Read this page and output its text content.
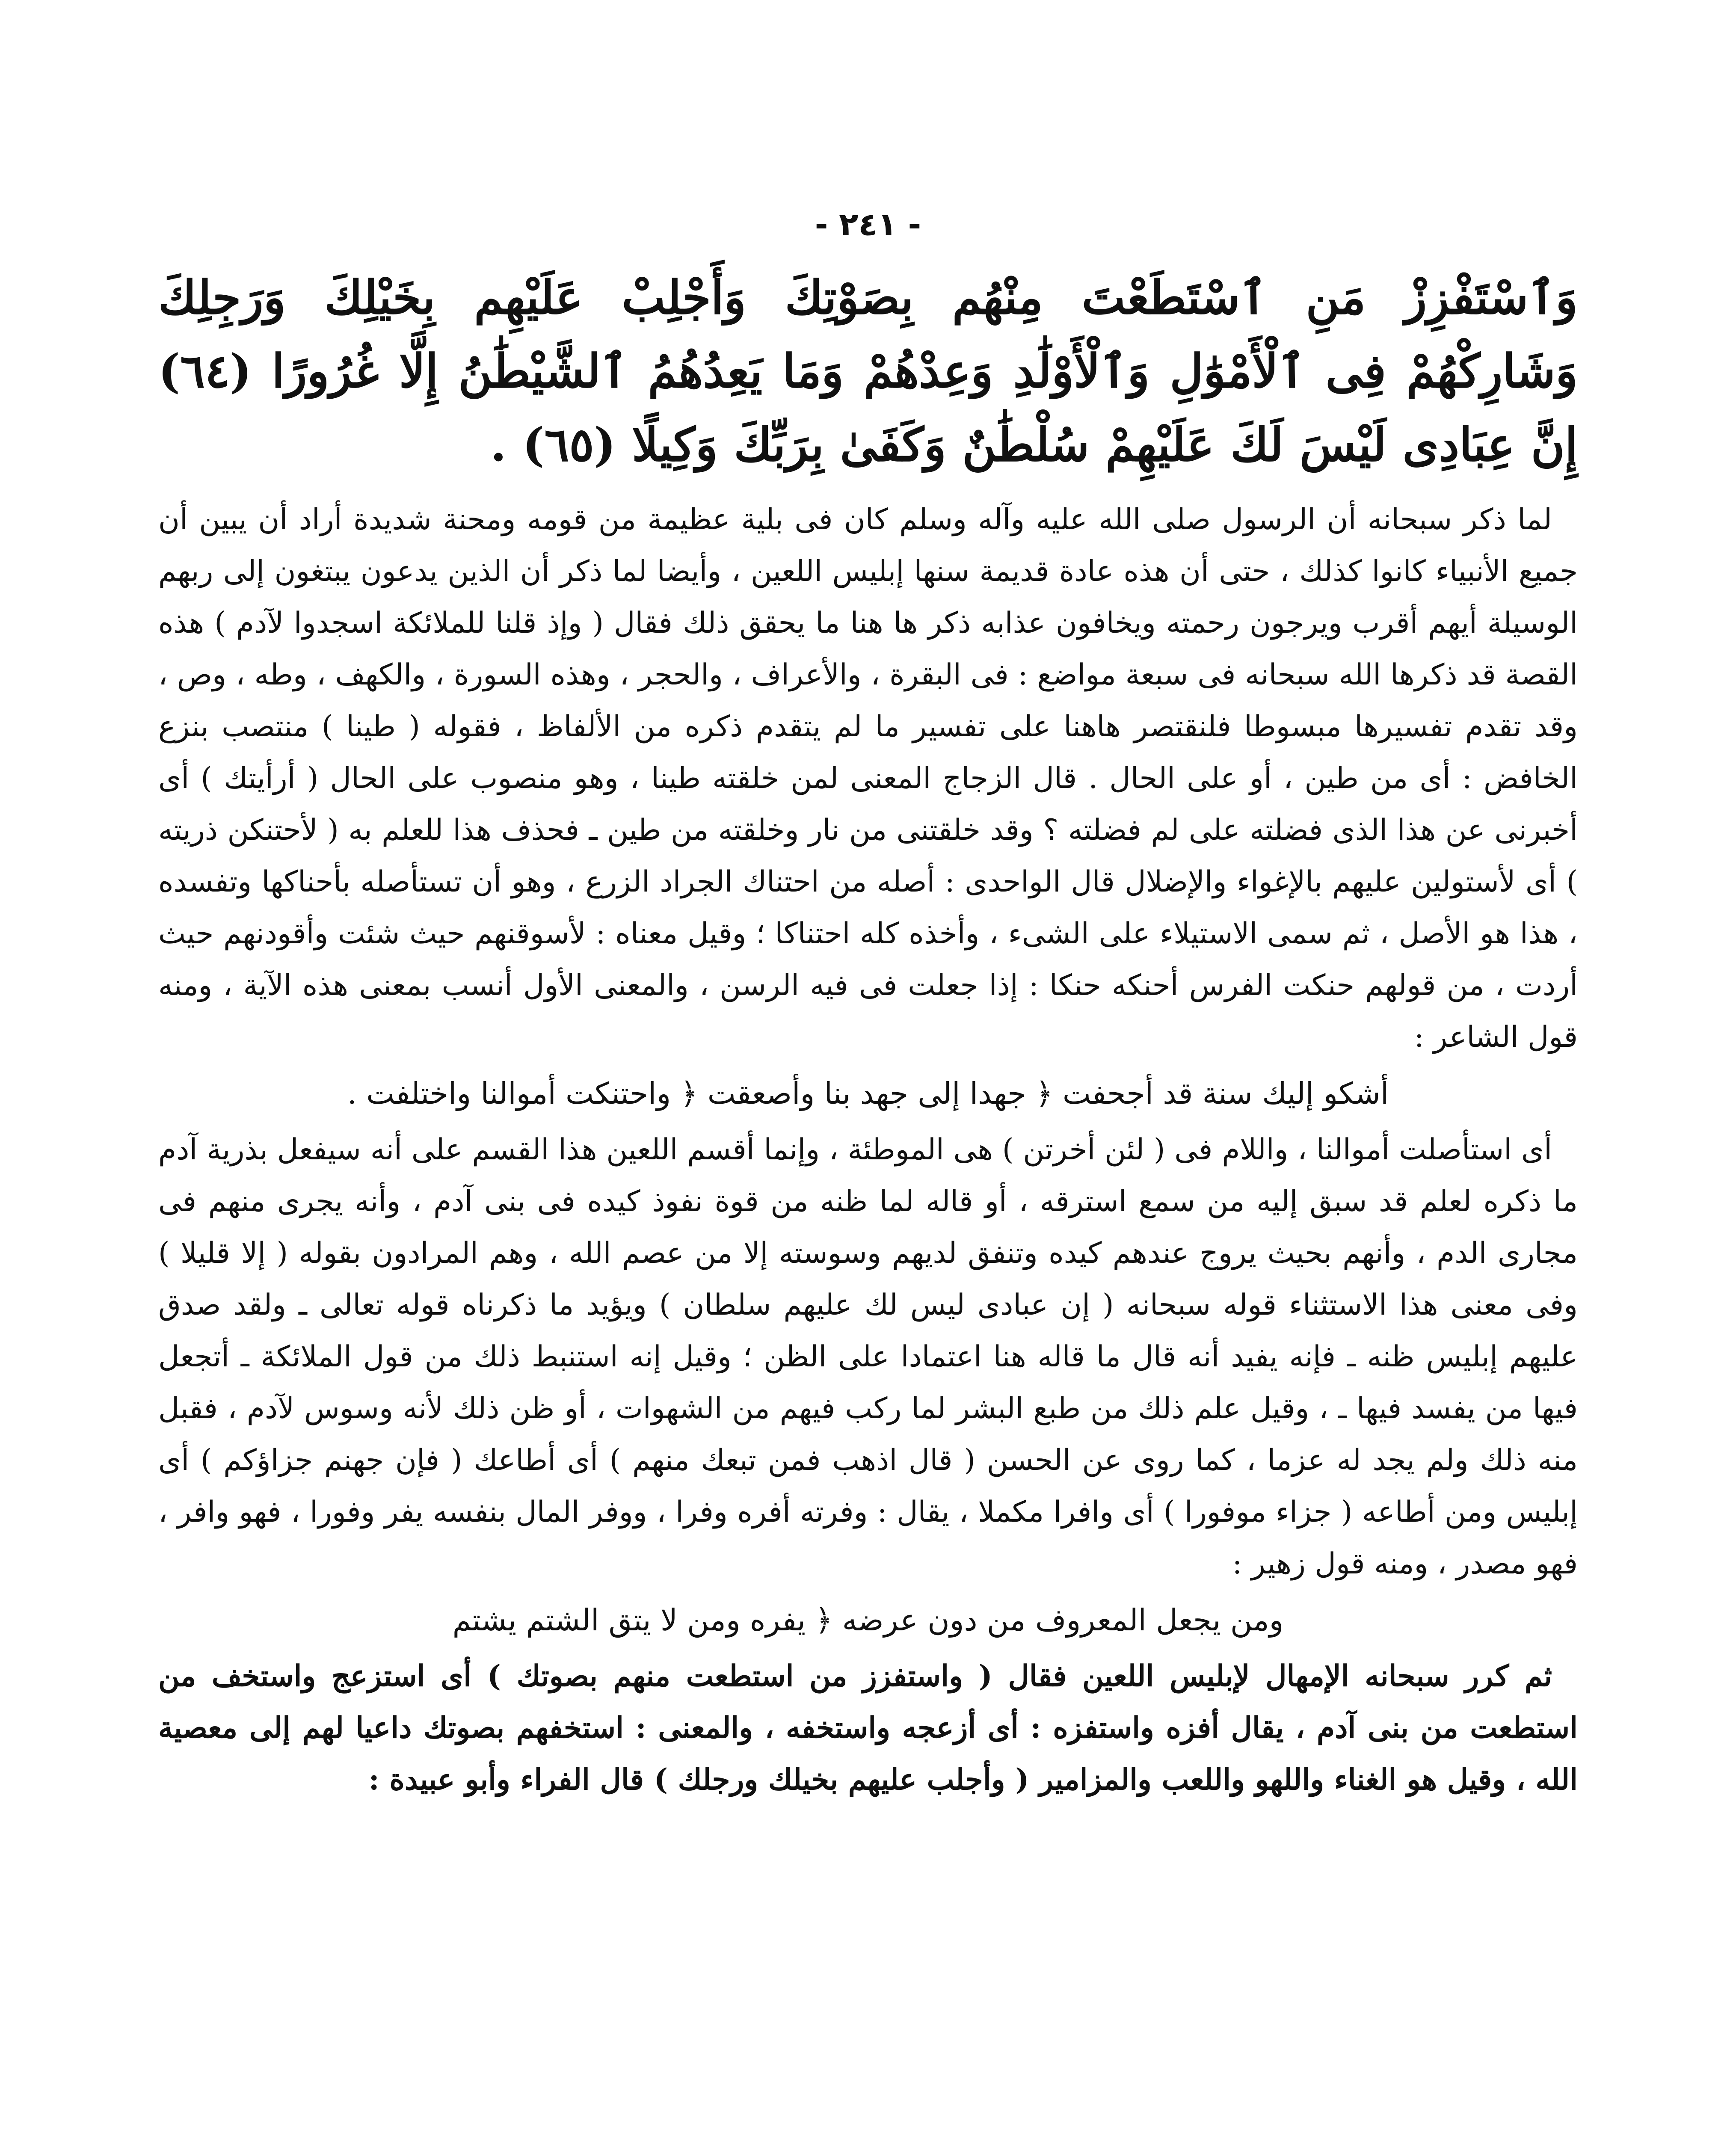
- ٢٤١ -

وَٱسْتَفْزِزْ مَنِ ٱسْتَطَعْتَ مِنْهُم بِصَوْتِكَ وَأَجْلِبْ عَلَيْهِم بِخَيْلِكَ وَرَجِلِكَ وَشَارِكْهُمْ فِى ٱلْأَمْوَٰلِ وَٱلْأَوْلَٰدِ وَعِدْهُمْ وَمَا يَعِدُهُمُ ٱلشَّيْطَٰنُ إِلَّا غُرُورًا (٦٤) إِنَّ عِبَادِى لَيْسَ لَكَ عَلَيْهِمْ سُلْطَٰنٌ وَكَفَىٰ بِرَبِّكَ وَكِيلًا (٦٥) .

لما ذكر سبحانه أن الرسول صلى الله عليه وآله وسلم كان فى بلية عظيمة من قومه ومحنة شديدة أراد أن يبين أن جميع الأنبياء كانوا كذلك ، حتى أن هذه عادة قديمة سنها إبليس اللعين ، وأيضا لما ذكر أن الذين يدعون يبتغون إلى ربهم الوسيلة أيهم أقرب ويرجون رحمته ويخافون عذابه ذكر ها هنا ما يحقق ذلك فقال ( وإذ قلنا للملائكة اسجدوا لآدم ) هذه القصة قد ذكرها الله سبحانه فى سبعة مواضع : فى البقرة ، والأعراف ، والحجر ، وهذه السورة ، والكهف ، وطه ، وص ، وقد تقدم تفسيرها مبسوطا فلنقتصر هاهنا على تفسير ما لم يتقدم ذكره من الألفاظ ، فقوله ( طينا ) منتصب بنزع الخافض : أى من طين ، أو على الحال . قال الزجاج المعنى لمن خلقته طينا ، وهو منصوب على الحال ( أرأيتك ) أى أخبرنى عن هذا الذى فضلته على لم فضلته ؟ وقد خلقتنى من نار وخلقته من طين ـ فحذف هذا للعلم به ( لأحتنكن ذريته ) أى لأستولين عليهم بالإغواء والإضلال قال الواحدى : أصله من احتناك الجراد الزرع ، وهو أن تستأصله بأحناكها وتفسده ، هذا هو الأصل ، ثم سمى الاستيلاء على الشىء ، وأخذه كله احتناكا ؛ وقيل معناه : لأسوقنهم حيث شئت وأقودنهم حيث أردت ، من قولهم حنكت الفرس أحنكه حنكا : إذا جعلت فى فيه الرسن ، والمعنى الأول أنسب بمعنى هذه الآية ، ومنه قول الشاعر :

أشكو إليك سنة قد أجحفت ﴿ جهدا إلى جهد بنا وأصعقت ﴿ واحتنكت أموالنا واختلفت .

أى استأصلت أموالنا ، واللام فى ( لئن أخرتن ) هى الموطئة ، وإنما أقسم اللعين هذا القسم على أنه سيفعل بذرية آدم ما ذكره لعلم قد سبق إليه من سمع استرقه ، أو قاله لما ظنه من قوة نفوذ كيده فى بنى آدم ، وأنه يجرى منهم فى مجارى الدم ، وأنهم بحيث يروج عندهم كيده وتنفق لديهم وسوسته إلا من عصم الله ، وهم المرادون بقوله ( إلا قليلا ) وفى معنى هذا الاستثناء قوله سبحانه ( إن عبادى ليس لك عليهم سلطان ) ويؤيد ما ذكرناه قوله تعالى ـ ولقد صدق عليهم إبليس ظنه ـ فإنه يفيد أنه قال ما قاله هنا اعتمادا على الظن ؛ وقيل إنه استنبط ذلك من قول الملائكة ـ أتجعل فيها من يفسد فيها ـ ، وقيل علم ذلك من طبع البشر لما ركب فيهم من الشهوات ، أو ظن ذلك لأنه وسوس لآدم ، فقبل منه ذلك ولم يجد له عزما ، كما روى عن الحسن ( قال اذهب فمن تبعك منهم ) أى أطاعك ( فإن جهنم جزاؤكم ) أى إبليس ومن أطاعه ( جزاء موفورا ) أى وافرا مكملا ، يقال : وفرته أفره وفرا ، ووفر المال بنفسه يفر وفورا ، فهو وافر ، فهو مصدر ، ومنه قول زهير :

ومن يجعل المعروف من دون عرضه ﴿ يفره ومن لا يتق الشتم يشتم

ثم كرر سبحانه الإمهال لإبليس اللعين فقال ( واستفزز من استطعت منهم بصوتك ) أى استزعج واستخف من استطعت من بنى آدم ، يقال أفزه واستفزه : أى أزعجه واستخفه ، والمعنى : استخفهم بصوتك داعيا لهم إلى معصية الله ، وقيل هو الغناء واللهو واللعب والمزامير ( وأجلب عليهم بخيلك ورجلك ) قال الفراء وأبو عبيدة :
